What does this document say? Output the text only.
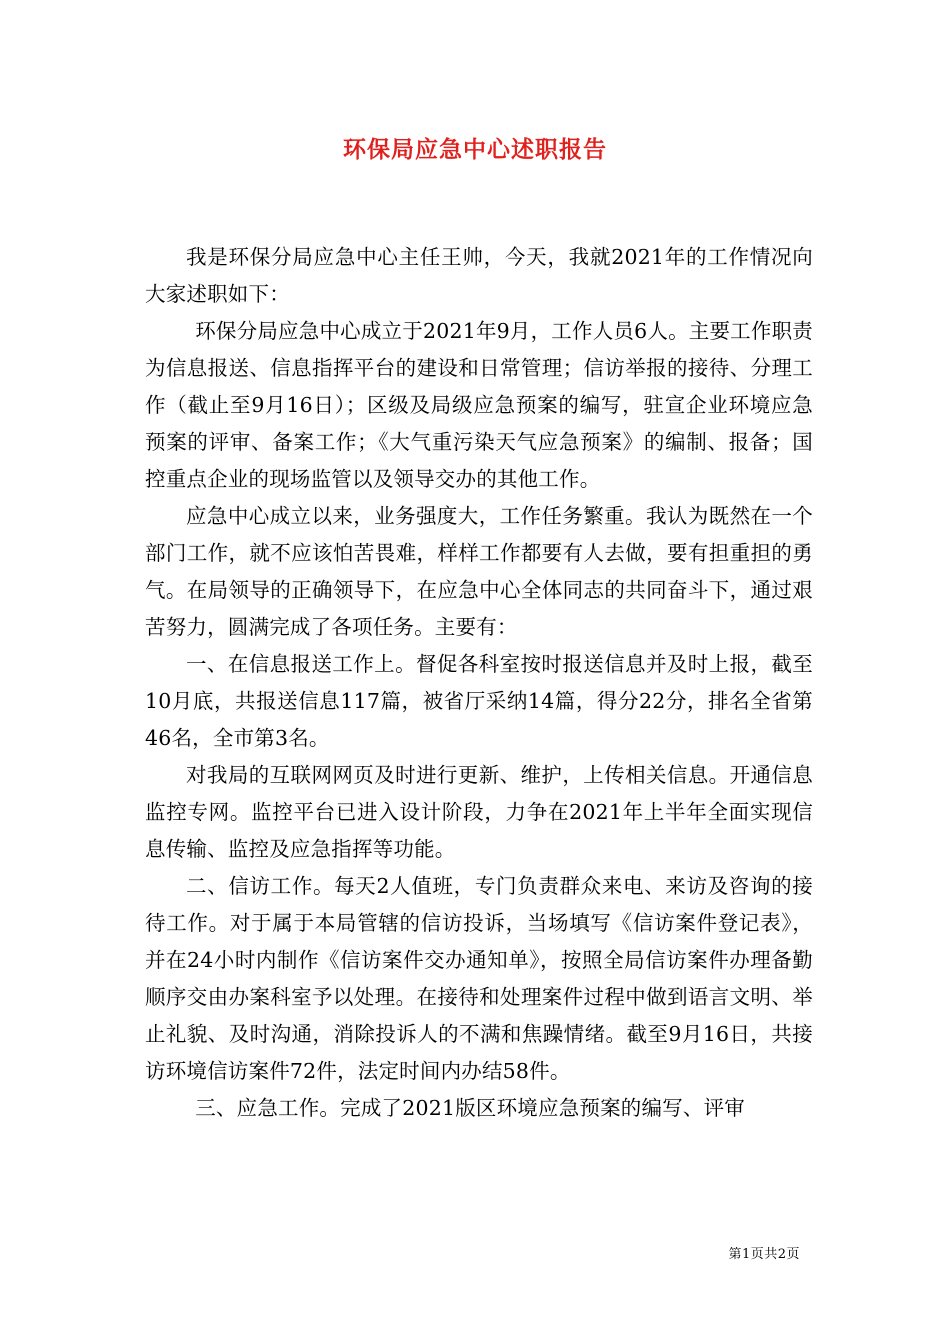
环保局应急中心述职报告

我是环保分局应急中心主任王帅，今天，我就2021年的工作情况向大家述职如下：

环保分局应急中心成立于2021年9月，工作人员6人。主要工作职责为信息报送、信息指挥平台的建设和日常管理；信访举报的接待、分理工作（截止至9月16日）；区级及局级应急预案的编写，驻宣企业环境应急预案的评审、备案工作；《大气重污染天气应急预案》的编制、报备；国控重点企业的现场监管以及领导交办的其他工作。

应急中心成立以来，业务强度大，工作任务繁重。我认为既然在一个部门工作，就不应该怕苦畏难，样样工作都要有人去做，要有担重担的勇气。在局领导的正确领导下，在应急中心全体同志的共同奋斗下，通过艰苦努力，圆满完成了各项任务。主要有：

一、在信息报送工作上。督促各科室按时报送信息并及时上报，截至10月底，共报送信息117篇，被省厅采纳14篇，得分22分，排名全省第46名，全市第3名。

对我局的互联网网页及时进行更新、维护，上传相关信息。开通信息监控专网。监控平台已进入设计阶段，力争在2021年上半年全面实现信息传输、监控及应急指挥等功能。

二、信访工作。每天2人值班，专门负责群众来电、来访及咨询的接待工作。对于属于本局管辖的信访投诉，当场填写《信访案件登记表》，并在24小时内制作《信访案件交办通知单》，按照全局信访案件办理备勤顺序交由办案科室予以处理。在接待和处理案件过程中做到语言文明、举止礼貌、及时沟通，消除投诉人的不满和焦躁情绪。截至9月16日，共接访环境信访案件72件，法定时间内办结58件。

三、应急工作。完成了2021版区环境应急预案的编写、评审

第1页共2页
